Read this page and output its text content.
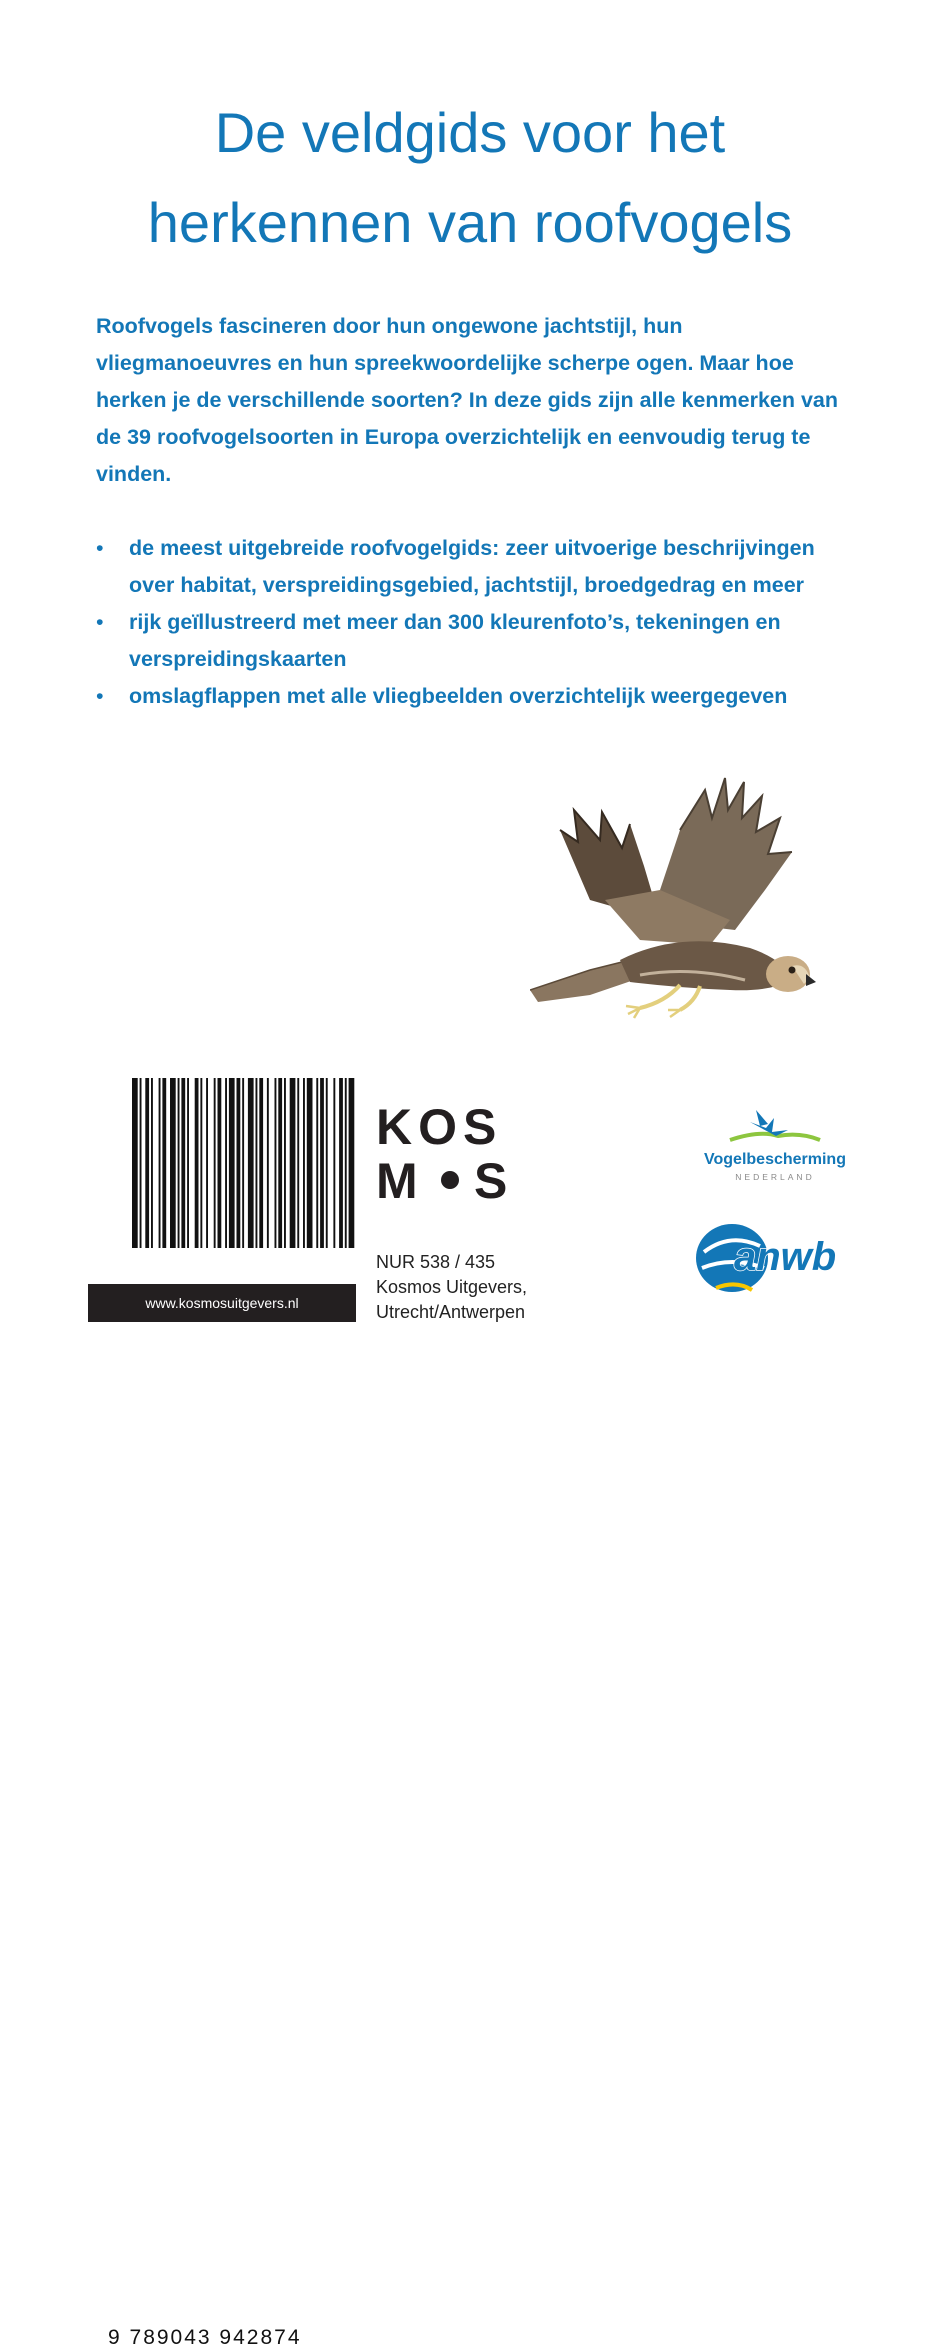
De veldgids voor het
herkennen van roofvogels

Roofvogels fascineren door hun ongewone jachtstijl, hun vliegmanoeuvres en hun spreekwoordelijke scherpe ogen. Maar hoe herken je de verschillende soorten? In deze gids zijn alle kenmerken van de 39 roofvogelsoorten in Europa overzichtelijk en eenvoudig terug te vinden.

• de meest uitgebreide roofvogelgids: zeer uitvoerige beschrijvingen over habitat, verspreidingsgebied, jachtstijl, broedgedrag en meer
• rijk geïllustreerd met meer dan 300 kleurenfoto’s, tekeningen en verspreidingskaarten
• omslagflappen met alle vliegbeelden overzichtelijk weergegeven
9 789043 942874
www.kosmosuitgevers.nl
KOS
M S
NUR 538 / 435
Kosmos Uitgevers,
Utrecht/Antwerpen
Vogelbescherming
NEDERLAND
anwb
